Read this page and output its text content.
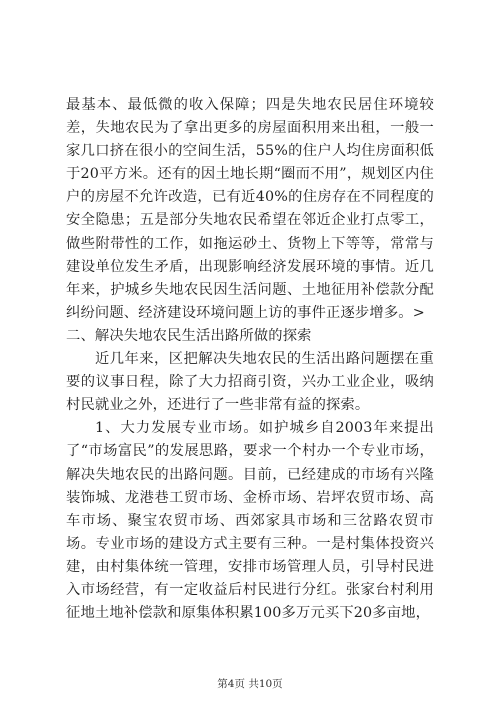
最基本、最低微的收入保障；四是失地农民居住环境较差，失地农民为了拿出更多的房屋面积用来出租，一般一家几口挤在很小的空间生活，55%的住户人均住房面积低于20平方米。还有的因土地长期“圈而不用”，规划区内住户的房屋不允许改造，已有近40%的住房存在不同程度的安全隐患；五是部分失地农民希望在邻近企业打点零工，做些附带性的工作，如拖运砂土、货物上下等等，常常与建设单位发生矛盾，出现影响经济发展环境的事情。近几年来，护城乡失地农民因生活问题、土地征用补偿款分配纠纷问题、经济建设环境问题上访的事件正逐步增多。>

二、解决失地农民生活出路所做的探索

近几年来，区把解决失地农民的生活出路问题摆在重要的议事日程，除了大力招商引资，兴办工业企业，吸纳村民就业之外，还进行了一些非常有益的探索。

1、大力发展专业市场。如护城乡自2003年来提出了“市场富民”的发展思路，要求一个村办一个专业市场，解决失地农民的出路问题。目前，已经建成的市场有兴隆装饰城、龙港巷工贸市场、金桥市场、岩坪农贸市场、高车市场、聚宝农贸市场、西郊家具市场和三岔路农贸市场。专业市场的建设方式主要有三种。一是村集体投资兴建，由村集体统一管理，安排市场管理人员，引导村民进入市场经营，有一定收益后村民进行分红。张家台村利用征地土地补偿款和原集体积累100多万元买下20多亩地，

第4页 共10页
